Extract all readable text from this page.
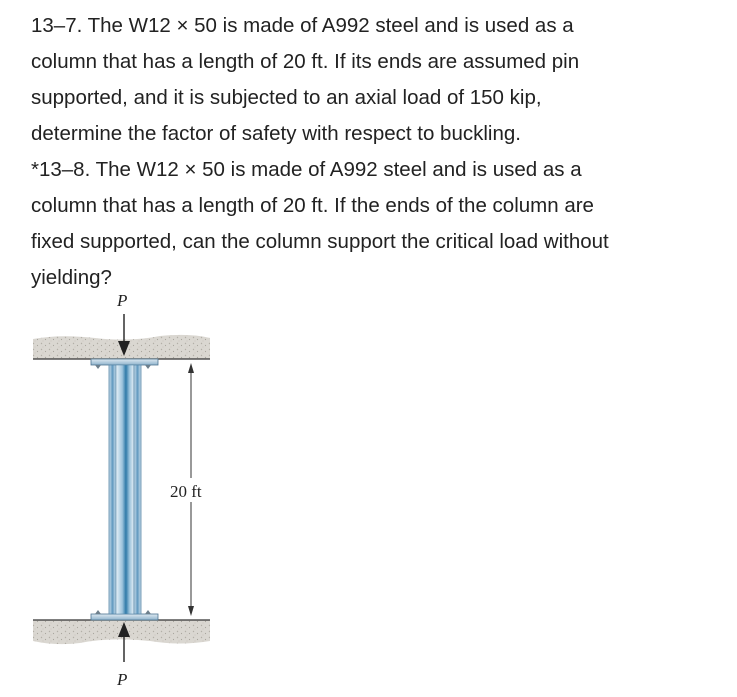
13–7. The W12 × 50 is made of A992 steel and is used as a
column that has a length of 20 ft. If its ends are assumed pin
supported, and it is subjected to an axial load of 150 kip,
determine the factor of safety with respect to buckling.
*13–8. The W12 × 50 is made of A992 steel and is used as a
column that has a length of 20 ft. If the ends of the column are
fixed supported, can the column support the critical load without
yielding?
P
P
20 ft
